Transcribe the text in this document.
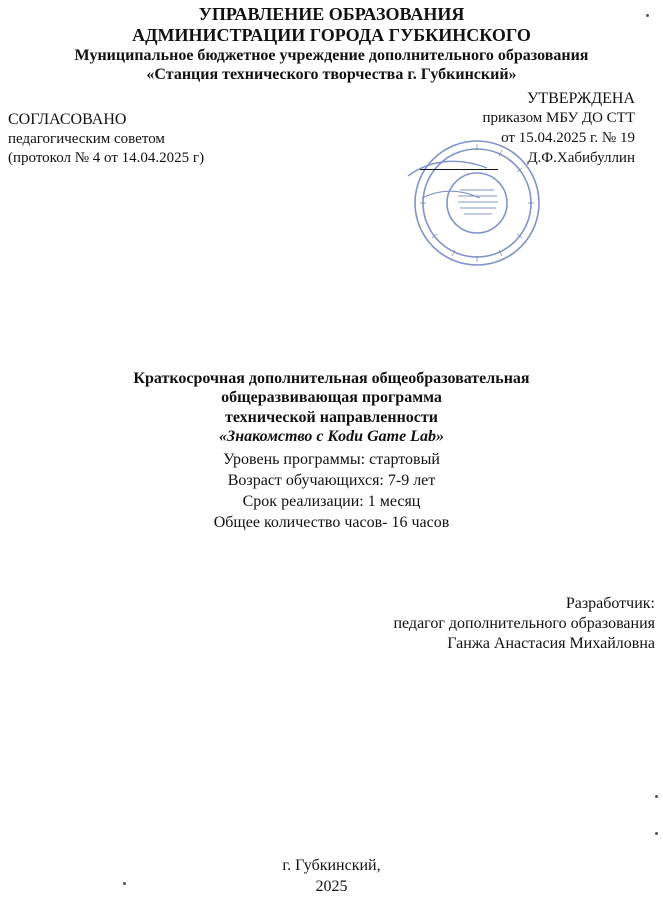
УПРАВЛЕНИЕ ОБРАЗОВАНИЯ
АДМИНИСТРАЦИИ ГОРОДА ГУБКИНСКОГО
Муниципальное бюджетное учреждение дополнительного образования
«Станция технического творчества г. Губкинский»
СОГЛАСОВАНО
педагогическим советом
(протокол № 4 от 14.04.2025 г)
УТВЕРЖДЕНА
приказом МБУ ДО СТТ
от 15.04.2025 г. № 19
Д.Ф.Хабибуллин
Краткосрочная дополнительная общеобразовательная
общеразвивающая программа
технической направленности
«Знакомство с Kodu Game Lab»
Уровень программы: стартовый
Возраст обучающихся: 7-9 лет
Срок реализации: 1 месяц
Общее количество часов- 16 часов
Разработчик:
педагог дополнительного образования
Ганжа Анастасия Михайловна
г. Губкинский,
2025
